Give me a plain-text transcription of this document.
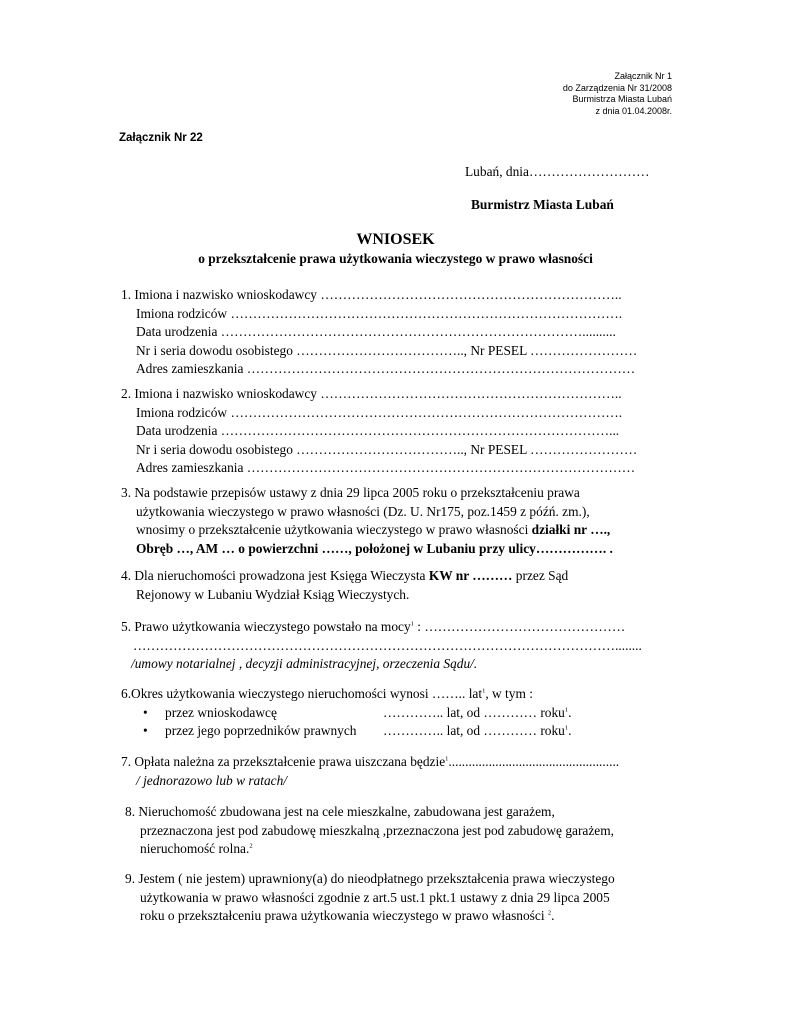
Załącznik Nr 1
do Zarządzenia Nr 31/2008
Burmistrza Miasta Lubań
z dnia 01.04.2008r.
Załącznik Nr 22
Lubań, dnia………………………
Burmistrz Miasta Lubań
WNIOSEK
o przekształcenie prawa użytkowania wieczystego w prawo własności
1. Imiona i nazwisko wnioskodawcy …………………………………………………………..
Imiona rodziców …………………………………………………………………………….
Data urodzenia ………………………………………………………………………..........
Nr i seria dowodu osobistego ……………………………….., Nr PESEL ……………………
Adres zamieszkania ……………………………………………………………………………
2. Imiona i nazwisko wnioskodawcy …………………………………………………………..
Imiona rodziców …………………………………………………………………………….
Data urodzenia ……………………………………………………………………………...
Nr i seria dowodu osobistego ……………………………….., Nr PESEL ……………………
Adres zamieszkania ……………………………………………………………………………
3. Na podstawie przepisów ustawy z dnia 29 lipca 2005 roku o przekształceniu prawa
użytkowania wieczystego w prawo własności (Dz. U. Nr175, poz.1459 z późń. zm.),
wnosimy o przekształcenie użytkowania wieczystego w prawo własności działki nr ….,
Obręb …, AM … o powierzchni ……, położonej w Lubaniu przy ulicy……………. .
4. Dla nieruchomości prowadzona jest Księga Wieczysta KW nr ……… przez Sąd
Rejonowy w Lubaniu Wydział Ksiąg Wieczystych.
5. Prawo użytkowania wieczystego powstało na mocy$^1$ : ………………………………………
………………………………………………………………………………………………........
/umowy notarialnej , decyzji administracyjnej, orzeczenia Sądu/.
6.Okres użytkowania wieczystego nieruchomości wynosi …….. lat$^1$, w tym :
• przez wnioskodawcę	………….. lat, od ………… roku$^1$.
• przez jego poprzedników prawnych ………….. lat, od ………… roku$^1$.
7. Opłata należna za przekształcenie prawa uiszczana będzie$^1$...................................................
/ jednorazowo lub w ratach/
8. Nieruchomość zbudowana jest na cele mieszkalne, zabudowana jest garażem,
przeznaczona jest pod zabudowę mieszkalną ,przeznaczona jest pod zabudowę garażem,
nieruchomość rolna.$^2$
9. Jestem ( nie jestem) uprawniony(a) do nieodpłatnego przekształcenia prawa wieczystego
użytkowania w prawo własności zgodnie z art.5 ust.1 pkt.1 ustawy z dnia 29 lipca 2005
roku o przekształceniu prawa użytkowania wieczystego w prawo własności $^2$.
